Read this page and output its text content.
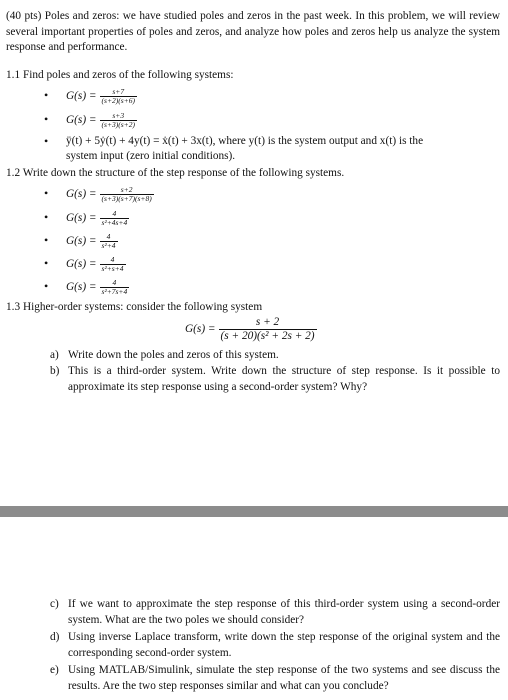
(40 pts) Poles and zeros: we have studied poles and zeros in the past week. In this problem, we will review several important properties of poles and zeros, and analyze how poles and zeros help us analyze the system response and performance.
1.1 Find poles and zeros of the following systems:
• $G(s) = \frac{s+7}{(s+2)(s+6)}$
• $G(s) = \frac{s+3}{(s+3)(s+2)}$
• ÿ(t) + 5ẏ(t) + 4y(t) = ẋ(t) + 3x(t), where y(t) is the system output and x(t) is the
system input (zero initial conditions).
1.2 Write down the structure of the step response of the following systems.
• $G(s) = \frac{s+2}{(s+3)(s+7)(s+8)}$
• $G(s) = \frac{4}{\text{s²+4s+4}}$
• $G(s) = \frac{4}{\text{s²+4}}$
• $G(s) = \frac{4}{\text{s²+s+4}}$
• $G(s) = \frac{4}{\text{s²+7s+4}}$
1.3 Higher-order systems: consider the following system
$G(s) = \frac{s + 2}{\text{(s + 20)(s² + 2s + 2)}}$
a) Write down the poles and zeros of this system.
b) This is a third-order system. Write down the structure of step response. Is it possible to approximate its step response using a second-order system? Why?
c) If we want to approximate the step response of this third-order system using a second-order system. What are the two poles we should consider?
d) Using inverse Laplace transform, write down the step response of the original system and the corresponding second-order system.
e) Using MATLAB/Simulink, simulate the step response of the two systems and see discuss the results. Are the two step responses similar and what can you conclude?
